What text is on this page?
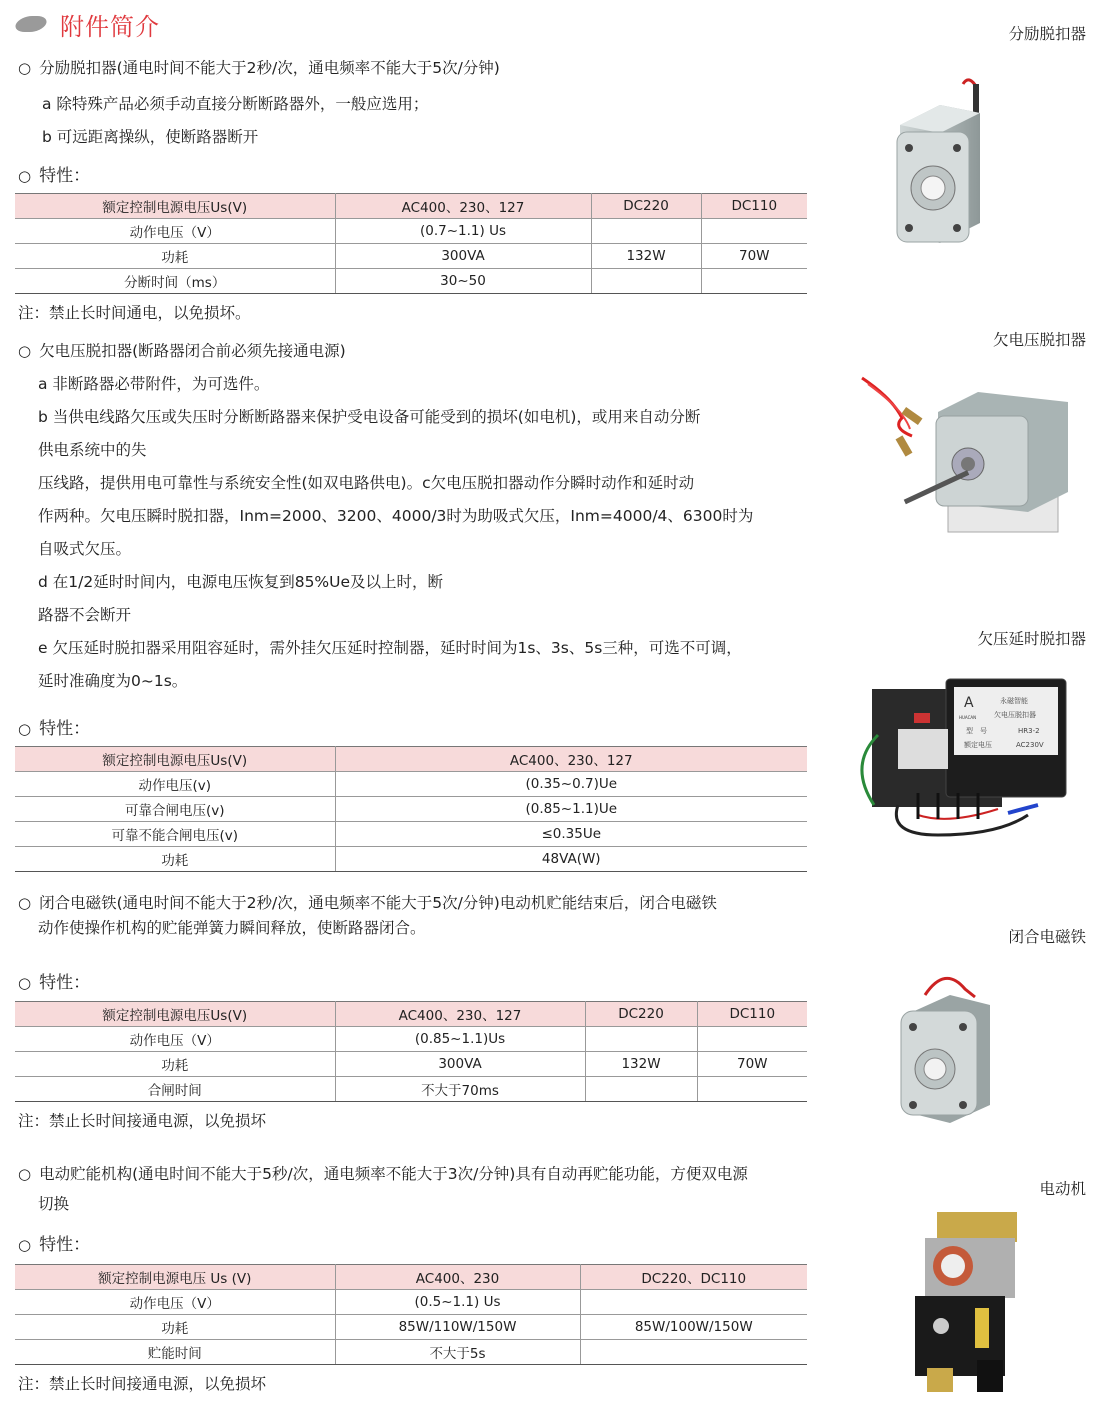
附件简介
○ 分励脱扣器(通电时间不能大于2秒/次，通电频率不能大于5次/分钟)
a 除特殊产品必须手动直接分断断路器外，一般应选用；
b 可远距离操纵，使断路器断开
○ 特性：
额定控制电源电压Us(V)	AC400、230、127	DC220	DC110
动作电压（V）	(0.7~1.1) Us		
功耗	300VA	132W	70W
分断时间（ms）	30~50		
注：禁止长时间通电，以免损坏。
○ 欠电压脱扣器(断路器闭合前必须先接通电源)
a 非断路器必带附件，为可选件。
b 当供电线路欠压或失压时分断断路器来保护受电设备可能受到的损坏(如电机)，或用来自动分断
供电系统中的失
压线路，提供用电可靠性与系统安全性(如双电路供电)。c欠电压脱扣器动作分瞬时动作和延时动
作两种。欠电压瞬时脱扣器，Inm=2000、3200、4000/3时为助吸式欠压，Inm=4000/4、6300时为
自吸式欠压。
d 在1/2延时时间内，电源电压恢复到85%Ue及以上时，断
路器不会断开
e 欠压延时脱扣器采用阻容延时，需外挂欠压延时控制器，延时时间为1s、3s、5s三种，可选不可调，
延时准确度为0~1s。
○ 特性：
额定控制电源电压Us(V)	AC400、230、127
动作电压(v)	(0.35~0.7)Ue
可靠合闸电压(v)	(0.85~1.1)Ue
可靠不能合闸电压(v)	≤0.35Ue
功耗	48VA(W)
○ 闭合电磁铁(通电时间不能大于2秒/次，通电频率不能大于5次/分钟)电动机贮能结束后，闭合电磁铁
动作使操作机构的贮能弹簧力瞬间释放，使断路器闭合。
○ 特性：
额定控制电源电压Us(V)	AC400、230、127	DC220	DC110
动作电压（V）	(0.85~1.1)Us		
功耗	300VA	132W	70W
合闸时间	不大于70ms		
注：禁止长时间接通电源，以免损坏
○ 电动贮能机构(通电时间不能大于5秒/次，通电频率不能大于3次/分钟)具有自动再贮能功能，方便双电源
切换
○ 特性：
额定控制电源电压 Us (V)	AC400、230	DC220、DC110
动作电压（V）	(0.5~1.1) Us	
功耗	85W/110W/150W	85W/100W/150W
贮能时间	不大于5s	
注：禁止长时间接通电源，以免损坏
分励脱扣器
欠电压脱扣器
欠压延时脱扣器
闭合电磁铁
电动机
A
HUACAN
永磁智能
欠电压脱扣器
型　号	HR3-2
额定电压	AC230V
